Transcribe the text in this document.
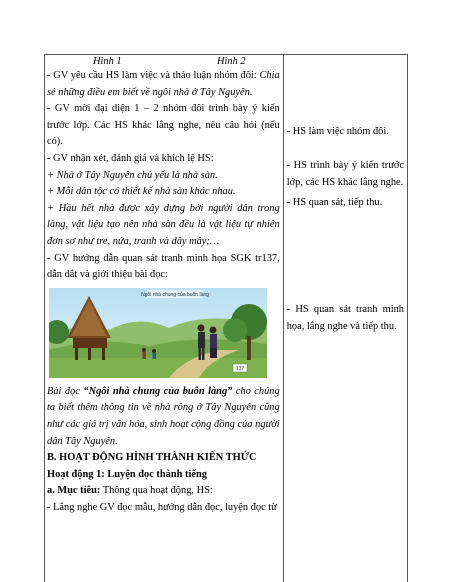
Hình 1	Hình 2

- GV yêu cầu HS làm việc và thảo luận nhóm đôi: Chia sẻ những điều em biết về ngôi nhà ở Tây Nguyên.

- GV mời đại diện 1 – 2 nhóm đôi trình bày ý kiến trước lớp. Các HS khác lắng nghe, nêu câu hỏi (nếu có).

- GV nhận xét, đánh giá và khích lệ HS:

+ Nhà ở Tây Nguyên chủ yếu là nhà sàn.

+ Mỗi dân tộc có thiết kế nhà sàn khác nhau.

+ Hầu hết nhà được xây dựng bởi người dân trong làng, vật liệu tạo nên nhà sàn đều là vật liệu tự nhiên đơn sơ như tre, nứa, tranh và dây mây;…

- GV hướng dẫn quan sát tranh minh họa SGK tr137, dẫn dắt và giới thiệu bài đọc:

Ngôi nhà chung của buôn làng
137

Bài đọc “Ngôi nhà chung của buôn làng” cho chúng ta biết thêm thông tin về nhà rông ở Tây Nguyên cũng như các giá trị văn hóa, sinh hoạt cộng đồng của người dân Tây Nguyên.

B. HOẠT ĐỘNG HÌNH THÀNH KIẾN THỨC

Hoạt động 1: Luyện đọc thành tiếng

a. Mục tiêu: Thông qua hoạt động, HS:

- Lắng nghe GV đọc mẫu, hướng dẫn đọc, luyện đọc từ

- HS làm việc nhóm đôi.

- HS trình bày ý kiến trước lớp, các HS khác lắng nghe.

- HS quan sát, tiếp thu.

- HS quan sát tranh minh họa, lắng nghe và tiếp thu.
